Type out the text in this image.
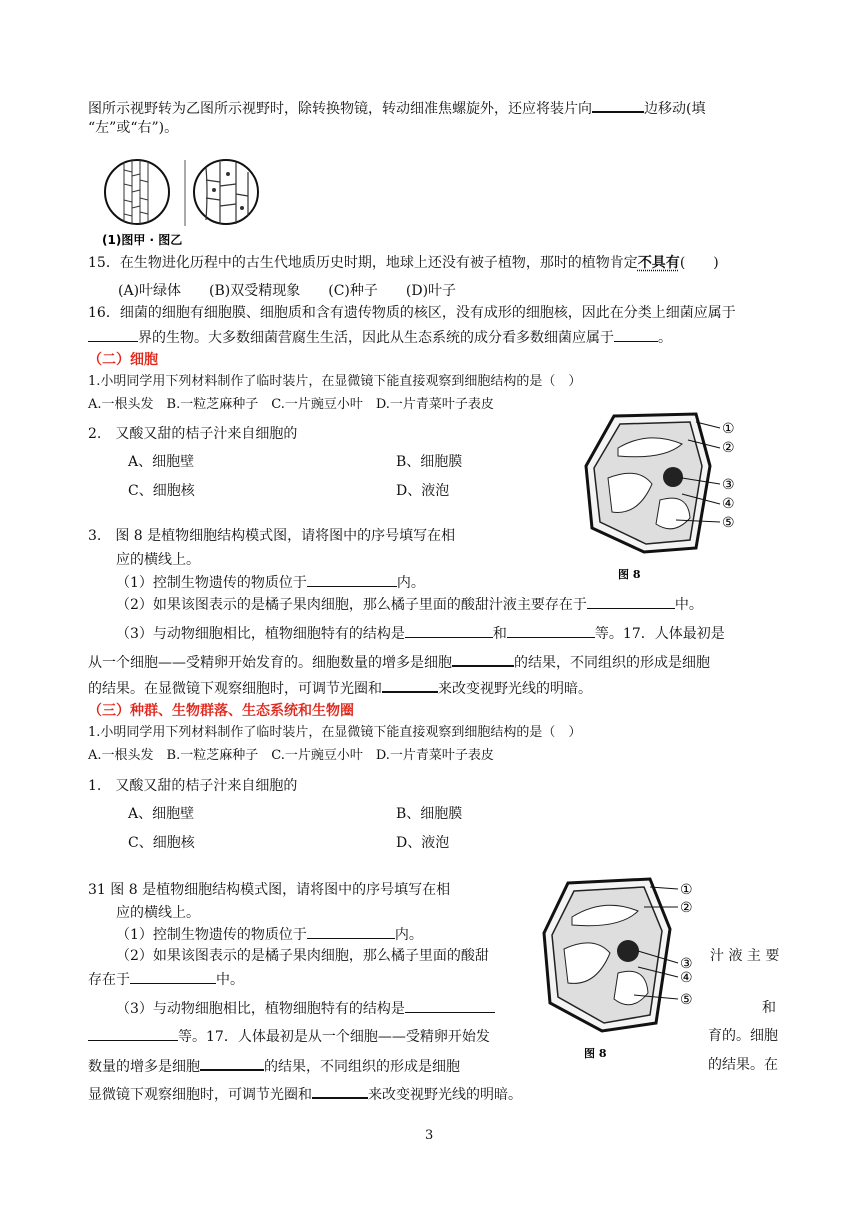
图所示视野转为乙图所示视野时，除转换物镜，转动细准焦螺旋外，还应将装片向	边移动(填
“左”或“右”)。
(1)图甲 · 图乙
15．在生物进化历程中的古生代地质历史时期，地球上还没有被子植物，那时的植物肯定不具有(　　)
(A)叶绿体　　(B)双受精现象　　(C)种子　　(D)叶子
16．细菌的细胞有细胞膜、细胞质和含有遗传物质的核区，没有成形的细胞核，因此在分类上细菌应属于
界的生物。大多数细菌营腐生生活，因此从生态系统的成分看多数细菌应属于	。
（二）细胞
1.小明同学用下列材料制作了临时装片，在显微镜下能直接观察到细胞结构的是（　）
A.一根头发　B.一粒芝麻种子　C.一片豌豆小叶　D.一片青菜叶子表皮
2.　又酸又甜的桔子汁来自细胞的
A、细胞壁	B、细胞膜
C、细胞核	D、液泡
①
②
③
④
⑤
图 8
3.　图 8 是植物细胞结构模式图，请将图中的序号填写在相
应的横线上。
（1）控制生物遗传的物质位于	内。
（2）如果该图表示的是橘子果肉细胞，那么橘子里面的酸甜汁液主要存在于	中。
（3）与动物细胞相比，植物细胞特有的结构是	和	等。17．人体最初是
从一个细胞——受精卵开始发育的。细胞数量的增多是细胞	的结果，不同组织的形成是细胞
的结果。在显微镜下观察细胞时，可调节光圈和	来改变视野光线的明暗。
（三）种群、生物群落、生态系统和生物圈
1.小明同学用下列材料制作了临时装片，在显微镜下能直接观察到细胞结构的是（　）
A.一根头发　B.一粒芝麻种子　C.一片豌豆小叶　D.一片青菜叶子表皮
1.　又酸又甜的桔子汁来自细胞的
A、细胞壁	B、细胞膜
C、细胞核	D、液泡
①
②
③
④
⑤
图 8
31 图 8 是植物细胞结构模式图，请将图中的序号填写在相
应的横线上。
（1）控制生物遗传的物质位于	内。
（2）如果该图表示的是橘子果肉细胞，那么橘子里面的酸甜	汁 液 主 要
存在于	中。
（3）与动物细胞相比，植物细胞特有的结构是	和
等。17．人体最初是从一个细胞——受精卵开始发	育的。细胞
数量的增多是细胞	的结果，不同组织的形成是细胞	的结果。在
显微镜下观察细胞时，可调节光圈和	来改变视野光线的明暗。
3
